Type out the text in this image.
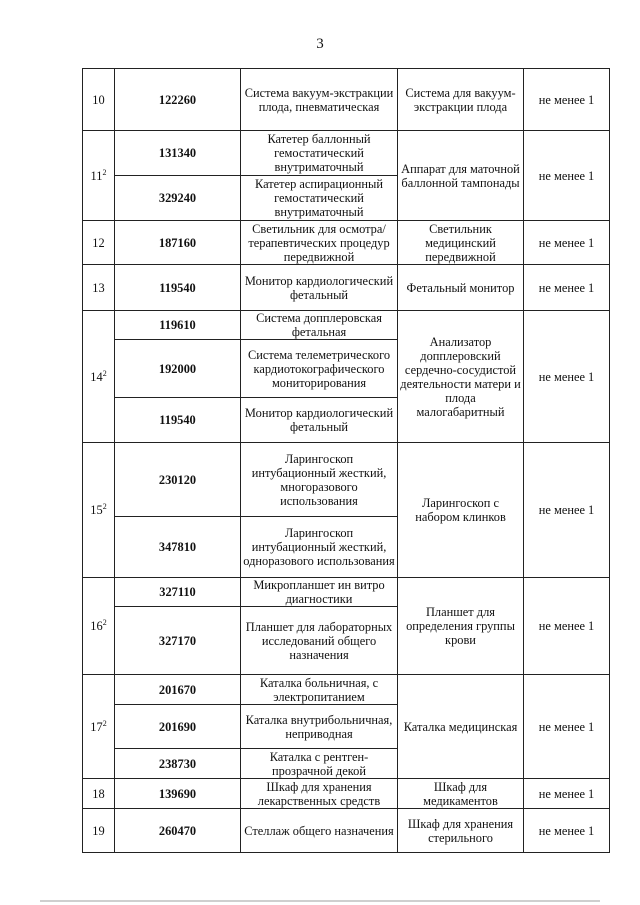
3
10	122260	Система вакуум-экстракции плода, пневматическая	Система для вакуум-экстракции плода	не менее 1
$11^2$	131340	Катетер баллонный гемостатический внутриматочный	Аппарат для маточной баллонной тампонады	не менее 1
	329240	Катетер аспирационный гемостатический внутриматочный		
12	187160	Светильник для осмотра/терапевтических процедур передвижной	Светильник медицинский передвижной	не менее 1
13	119540	Монитор кардиологический фетальный	Фетальный монитор	не менее 1
$14^2$	119610	Система допплеровская фетальная	Анализатор допплеровский сердечно-сосудистой деятельности матери и плода малогабаритный	не менее 1
	192000	Система телеметрического кардиотокографического мониторирования		
	119540	Монитор кардиологический фетальный		
$15^2$	230120	Ларингоскоп интубационный жесткий, многоразового использования	Ларингоскоп с набором клинков	не менее 1
	347810	Ларингоскоп интубационный жесткий, одноразового использования		
$16^2$	327110	Микропланшет ин витро диагностики	Планшет для определения группы крови	не менее 1
	327170	Планшет для лабораторных исследований общего назначения		
$17^2$	201670	Каталка больничная, с электропитанием	Каталка медицинская	не менее 1
	201690	Каталка внутрибольничная, неприводная		
	238730	Каталка с рентген-прозрачной декой		
18	139690	Шкаф для хранения лекарственных средств	Шкаф для медикаментов	не менее 1
19	260470	Стеллаж общего назначения	Шкаф для хранения стерильного	не менее 1
